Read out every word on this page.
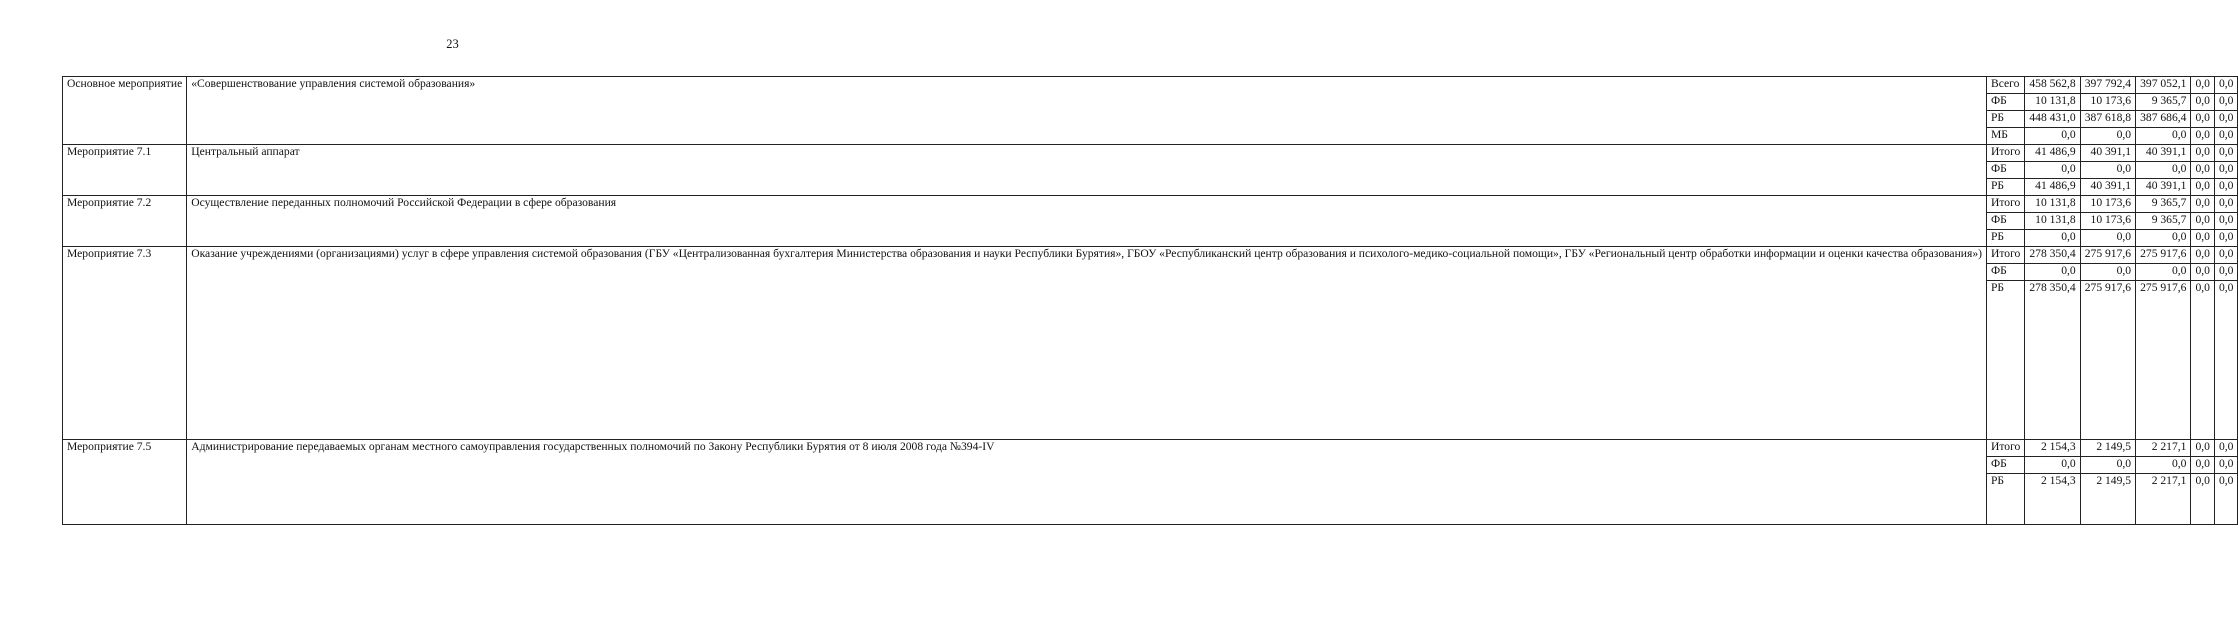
23
Основное мероприятие	«Совершенствование управления системой образования»	Всего	458 562,8	397 792,4	397 052,1	0,0	0,0
		ФБ	10 131,8	10 173,6	9 365,7	0,0	0,0
		РБ	448 431,0	387 618,8	387 686,4	0,0	0,0
		МБ	0,0	0,0	0,0	0,0	0,0
Мероприятие 7.1	Центральный аппарат	Итого	41 486,9	40 391,1	40 391,1	0,0	0,0
		ФБ	0,0	0,0	0,0	0,0	0,0
		РБ	41 486,9	40 391,1	40 391,1	0,0	0,0
Мероприятие 7.2	Осуществление переданных полномочий Российской Федерации в сфере образования	Итого	10 131,8	10 173,6	9 365,7	0,0	0,0
		ФБ	10 131,8	10 173,6	9 365,7	0,0	0,0
		РБ	0,0	0,0	0,0	0,0	0,0
Мероприятие 7.3	Оказание учреждениями (организациями) услуг в сфере управления системой образования (ГБУ «Централизованная бухгалтерия Министерства образования и науки Республики Бурятия», ГБОУ «Республиканский центр образования и психолого-медико-социальной помощи», ГБУ «Региональный центр обработки информации и оценки качества образования»)	Итого	278 350,4	275 917,6	275 917,6	0,0	0,0
		ФБ	0,0	0,0	0,0	0,0	0,0
		РБ	278 350,4	275 917,6	275 917,6	0,0	0,0
Мероприятие 7.5	Администрирование передаваемых органам местного самоуправления государственных полномочий по Закону Республики Бурятия от 8 июля 2008 года №394-IV	Итого	2 154,3	2 149,5	2 217,1	0,0	0,0
		ФБ	0,0	0,0	0,0	0,0	0,0
		РБ	2 154,3	2 149,5	2 217,1	0,0	0,0
